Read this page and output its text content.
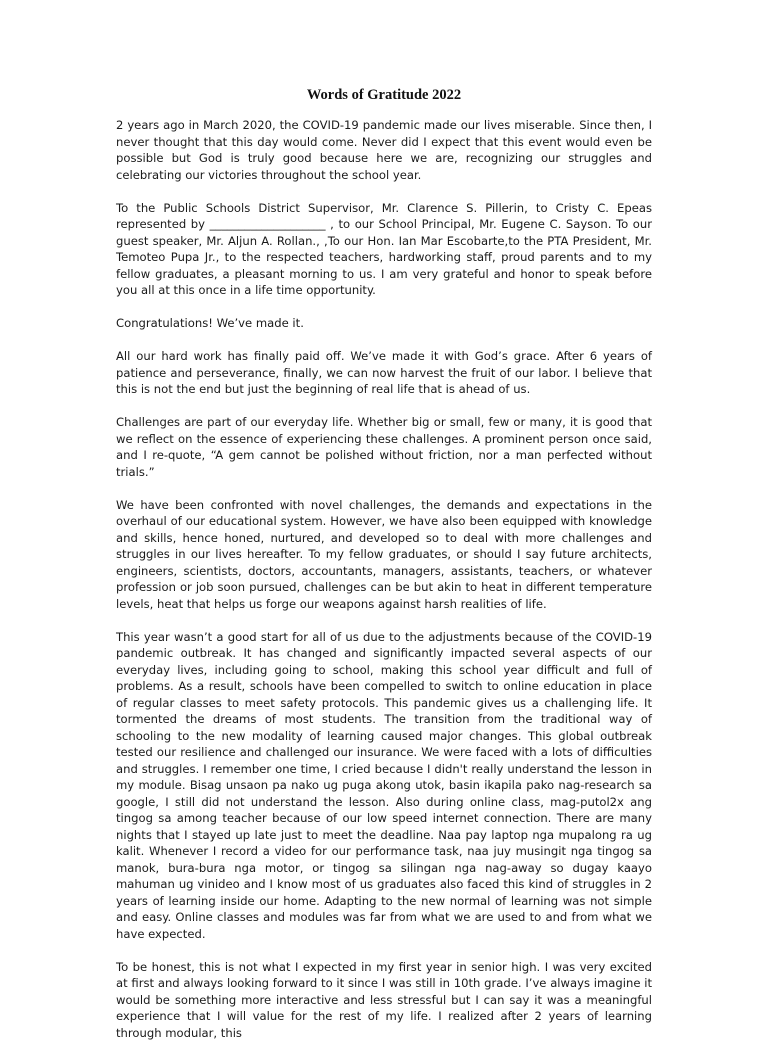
Words of Gratitude 2022

2 years ago in March 2020, the COVID-19 pandemic made our lives miserable. Since then, I never thought that this day would come. Never did I expect that this event would even be possible but God is truly good because here we are, recognizing our struggles and celebrating our victories throughout the school year.

To the Public Schools District Supervisor, Mr. Clarence S. Pillerin, to Cristy C. Epeas represented by ____________________ , to our School Principal, Mr. Eugene C. Sayson. To our guest speaker, Mr. Aljun A. Rollan., ,To our Hon. Ian Mar Escobarte,to the PTA President, Mr. Temoteo Pupa Jr., to the respected teachers, hardworking staff, proud parents and to my fellow graduates, a pleasant morning to us. I am very grateful and honor to speak before you all at this once in a life time opportunity.

Congratulations! We’ve made it.

All our hard work has finally paid off. We’ve made it with God’s grace. After 6 years of patience and perseverance, finally, we can now harvest the fruit of our labor. I believe that this is not the end but just the beginning of real life that is ahead of us.

Challenges are part of our everyday life. Whether big or small, few or many, it is good that we reflect on the essence of experiencing these challenges. A prominent person once said, and I re-quote, “A gem cannot be polished without friction, nor a man perfected without trials.”

We have been confronted with novel challenges, the demands and expectations in the overhaul of our educational system. However, we have also been equipped with knowledge and skills, hence honed, nurtured, and developed so to deal with more challenges and struggles in our lives hereafter. To my fellow graduates, or should I say future architects, engineers, scientists, doctors, accountants, managers, assistants, teachers, or whatever profession or job soon pursued, challenges can be but akin to heat in different temperature levels, heat that helps us forge our weapons against harsh realities of life.

This year wasn’t a good start for all of us due to the adjustments because of the COVID-19 pandemic outbreak. It has changed and significantly impacted several aspects of our everyday lives, including going to school, making this school year difficult and full of problems. As a result, schools have been compelled to switch to online education in place of regular classes to meet safety protocols. This pandemic gives us a challenging life. It tormented the dreams of most students. The transition from the traditional way of schooling to the new modality of learning caused major changes. This global outbreak tested our resilience and challenged our insurance. We were faced with a lots of difficulties and struggles. I remember one time, I cried because I didn't really understand the lesson in my module. Bisag unsaon pa nako ug puga akong utok, basin ikapila pako nag-research sa google, I still did not understand the lesson. Also during online class, mag-putol2x ang tingog sa among teacher because of our low speed internet connection. There are many nights that I stayed up late just to meet the deadline. Naa pay laptop nga mupalong ra ug kalit. Whenever I record a video for our performance task, naa juy musingit nga tingog sa manok, bura-bura nga motor, or tingog sa silingan nga nag-away so dugay kaayo mahuman ug vinideo and I know most of us graduates also faced this kind of struggles in 2 years of learning inside our home. Adapting to the new normal of learning was not simple and easy. Online classes and modules was far from what we are used to and from what we have expected.

To be honest, this is not what I expected in my first year in senior high. I was very excited at first and always looking forward to it since I was still in 10th grade. I’ve always imagine it would be something more interactive and less stressful but I can say it was a meaningful experience that I will value for the rest of my life. I realized after 2 years of learning through modular, this
